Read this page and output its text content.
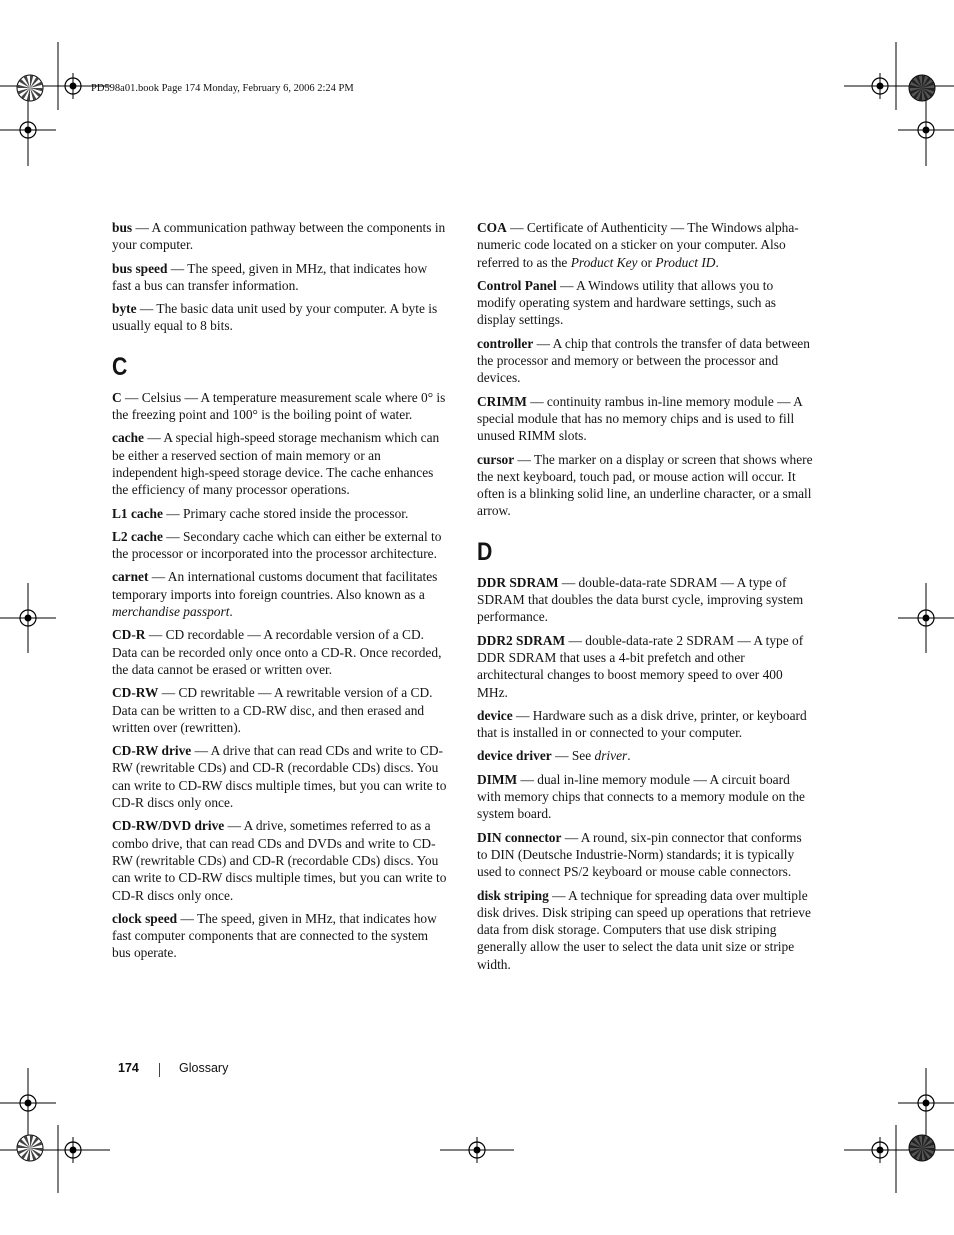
PD598a01.book Page 174 Monday, February 6, 2006 2:24 PM

bus — A communication pathway between the components in your computer.

bus speed — The speed, given in MHz, that indicates how fast a bus can transfer information.

byte — The basic data unit used by your computer. A byte is usually equal to 8 bits.

C

C — Celsius — A temperature measurement scale where 0° is the freezing point and 100° is the boiling point of water.

cache — A special high-speed storage mechanism which can be either a reserved section of main memory or an independent high-speed storage device. The cache enhances the efficiency of many processor operations.

L1 cache — Primary cache stored inside the processor.

L2 cache — Secondary cache which can either be external to the processor or incorporated into the processor architecture.

carnet — An international customs document that facilitates temporary imports into foreign countries. Also known as a merchandise passport.

CD-R — CD recordable — A recordable version of a CD. Data can be recorded only once onto a CD-R. Once recorded, the data cannot be erased or written over.

CD-RW — CD rewritable — A rewritable version of a CD. Data can be written to a CD-RW disc, and then erased and written over (rewritten).

CD-RW drive — A drive that can read CDs and write to CD-RW (rewritable CDs) and CD-R (recordable CDs) discs. You can write to CD-RW discs multiple times, but you can write to CD-R discs only once.

CD-RW/DVD drive — A drive, sometimes referred to as a combo drive, that can read CDs and DVDs and write to CD-RW (rewritable CDs) and CD-R (recordable CDs) discs. You can write to CD-RW discs multiple times, but you can write to CD-R discs only once.

clock speed — The speed, given in MHz, that indicates how fast computer components that are connected to the system bus operate.

COA — Certificate of Authenticity — The Windows alpha-numeric code located on a sticker on your computer. Also referred to as the Product Key or Product ID.

Control Panel — A Windows utility that allows you to modify operating system and hardware settings, such as display settings.

controller — A chip that controls the transfer of data between the processor and memory or between the processor and devices.

CRIMM — continuity rambus in-line memory module — A special module that has no memory chips and is used to fill unused RIMM slots.

cursor — The marker on a display or screen that shows where the next keyboard, touch pad, or mouse action will occur. It often is a blinking solid line, an underline character, or a small arrow.

D

DDR SDRAM — double-data-rate SDRAM — A type of SDRAM that doubles the data burst cycle, improving system performance.

DDR2 SDRAM — double-data-rate 2 SDRAM — A type of DDR SDRAM that uses a 4-bit prefetch and other architectural changes to boost memory speed to over 400 MHz.

device — Hardware such as a disk drive, printer, or keyboard that is installed in or connected to your computer.

device driver — See driver.

DIMM — dual in-line memory module — A circuit board with memory chips that connects to a memory module on the system board.

DIN connector — A round, six-pin connector that conforms to DIN (Deutsche Industrie-Norm) standards; it is typically used to connect PS/2 keyboard or mouse cable connectors.

disk striping — A technique for spreading data over multiple disk drives. Disk striping can speed up operations that retrieve data from disk storage. Computers that use disk striping generally allow the user to select the data unit size or stripe width.

174	Glossary
